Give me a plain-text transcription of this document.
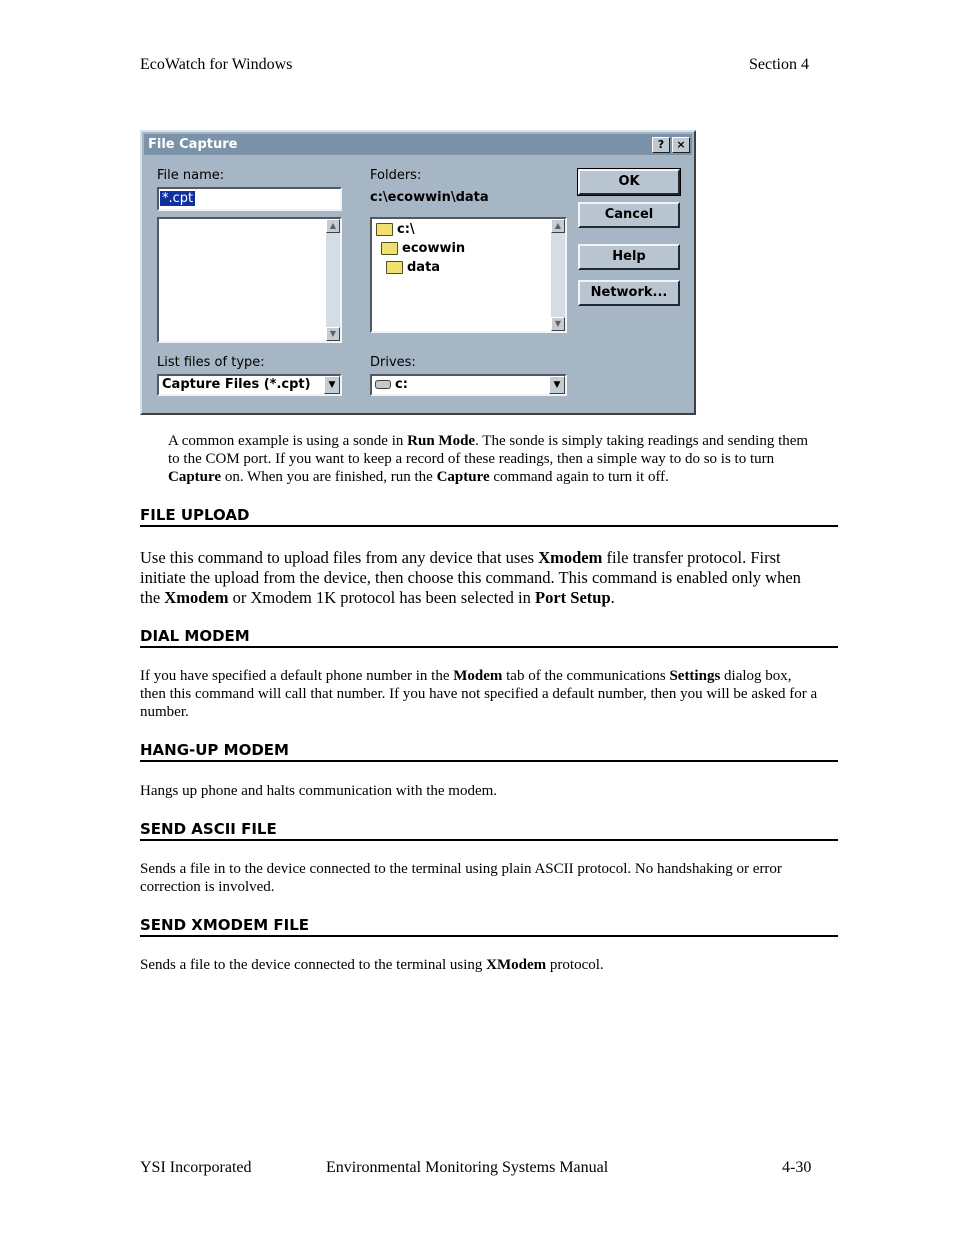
EcoWatch for Windows	Section 4
File Capture	?	×
File name:
*.cpt
▲
▼
Folders:
c:\ecowwin\data
c:\
ecowwin
data
▲
▼
OK
Cancel
Help
Network...
List files of type:
Capture Files (*.cpt)	▼
Drives:
c:	▼
A common example is using a sonde in Run Mode. The sonde is simply taking readings and sending them to the COM port. If you want to keep a record of these readings, then a simple way to do so is to turn Capture on. When you are finished, run the Capture command again to turn it off.
FILE UPLOAD
Use this command to upload files from any device that uses Xmodem file transfer protocol. First initiate the upload from the device, then choose this command. This command is enabled only when the Xmodem or Xmodem 1K protocol has been selected in Port Setup.
DIAL MODEM
If you have specified a default phone number in the Modem tab of the communications Settings dialog box, then this command will call that number. If you have not specified a default number, then you will be asked for a number.
HANG-UP MODEM
Hangs up phone and halts communication with the modem.
SEND ASCII FILE
Sends a file in to the device connected to the terminal using plain ASCII protocol. No handshaking or error correction is involved.
SEND XMODEM FILE
Sends a file to the device connected to the terminal using XModem protocol.
YSI Incorporated	Environmental Monitoring Systems Manual	4-30
